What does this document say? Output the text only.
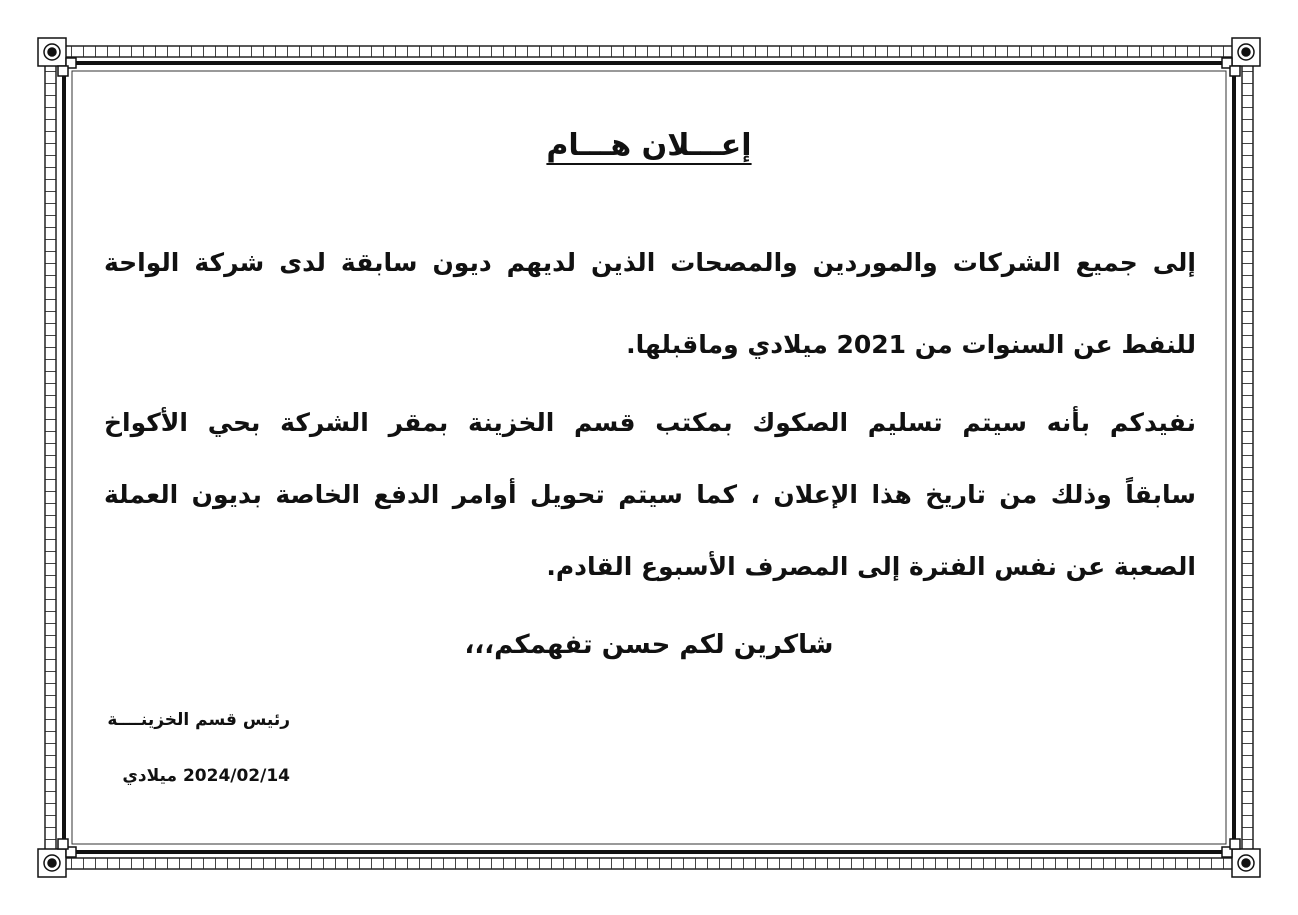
إعـــلان هـــام
إلى جميع الشركات والموردين والمصحات الذين لديهم ديون سابقة لدى شركة الواحة
للنفط عن السنوات من 2021 ميلادي وماقبلها.
نفيدكم بأنه سيتم تسليم الصكوك بمكتب قسم الخزينة بمقر الشركة بحي الأكواخ
سابقاً وذلك من تاريخ هذا الإعلان ، كما سيتم تحويل أوامر الدفع الخاصة بديون العملة
الصعبة عن نفس الفترة إلى المصرف الأسبوع القادم.
شاكرين لكم حسن تفهمكم،،،
رئيس قسم الخزينــــة
2024/02/14 ميلادي
